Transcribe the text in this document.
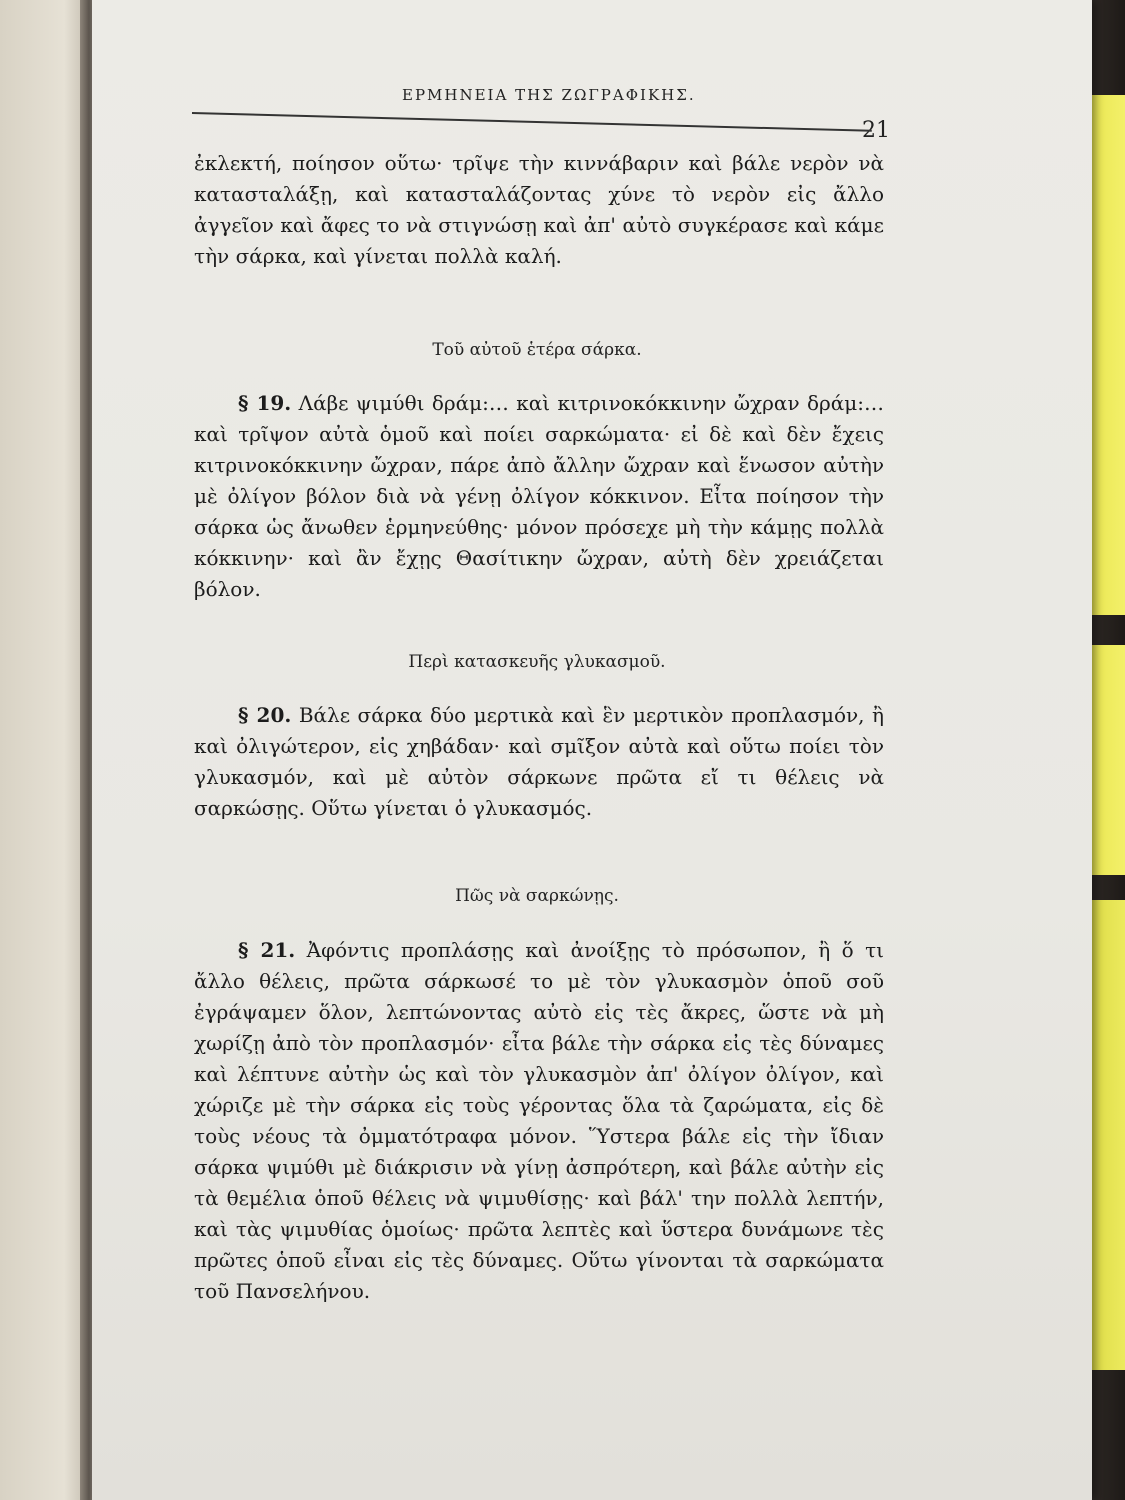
ΕΡΜΗΝΕΙΑ ΤΗΣ ΖΩΓΡΑΦΙΚΗΣ.
21
ἐκλεκτή, ποίησον οὕτω· τρῖψε τὴν κιννάβαριν καὶ βάλε νερὸν νὰ κατασταλάξῃ, καὶ κατασταλάζοντας χύνε τὸ νερὸν εἰς ἄλλο ἀγγεῖον καὶ ἄφες το νὰ στιγνώσῃ καὶ ἀπ' αὐτὸ συγκέρασε καὶ κάμε τὴν σάρκα, καὶ γίνεται πολλὰ καλή.
Τοῦ αὐτοῦ ἑτέρα σάρκα.
§ 19. Λάβε ψιμύθι δράμ:… καὶ κιτρινοκόκκινην ὤχραν δράμ:… καὶ τρῖψον αὐτὰ ὁμοῦ καὶ ποίει σαρκώματα· εἰ δὲ καὶ δὲν ἔχεις κιτρινοκόκκινην ὤχραν, πάρε ἀπὸ ἄλλην ὤχραν καὶ ἕνωσον αὐτὴν μὲ ὀλίγον βόλον διὰ νὰ γένῃ ὀλίγον κόκκινον. Εἶτα ποίησον τὴν σάρκα ὡς ἄνωθεν ἑρμηνεύθης· μόνον πρόσεχε μὴ τὴν κάμῃς πολλὰ κόκκινην· καὶ ἂν ἔχῃς Θασίτικην ὤχραν, αὐτὴ δὲν χρειάζεται βόλον.
Περὶ κατασκευῆς γλυκασμοῦ.
§ 20. Βάλε σάρκα δύο μερτικὰ καὶ ἓν μερτικὸν προπλασμόν, ἢ καὶ ὀλιγώτερον, εἰς χηβάδαν· καὶ σμῖξον αὐτὰ καὶ οὕτω ποίει τὸν γλυκασμόν, καὶ μὲ αὐτὸν σάρκωνε πρῶτα εἴ τι θέλεις νὰ σαρκώσῃς. Οὕτω γίνεται ὁ γλυκασμός.
Πῶς νὰ σαρκώνῃς.
§ 21. Ἀφόντις προπλάσῃς καὶ ἀνοίξῃς τὸ πρόσωπον, ἢ ὅ τι ἄλλο θέλεις, πρῶτα σάρκωσέ το μὲ τὸν γλυκασμὸν ὁποῦ σοῦ ἐγράψαμεν ὅλον, λεπτώνοντας αὐτὸ εἰς τὲς ἄκρες, ὥστε νὰ μὴ χωρίζῃ ἀπὸ τὸν προπλασμόν· εἶτα βάλε τὴν σάρκα εἰς τὲς δύναμες καὶ λέπτυνε αὐτὴν ὡς καὶ τὸν γλυκασμὸν ἀπ' ὀλίγον ὀλίγον, καὶ χώριζε μὲ τὴν σάρκα εἰς τοὺς γέροντας ὅλα τὰ ζαρώματα, εἰς δὲ τοὺς νέους τὰ ὀμματότραφα μόνον. Ὕστερα βάλε εἰς τὴν ἴδιαν σάρκα ψιμύθι μὲ διάκρισιν νὰ γίνῃ ἀσπρότερη, καὶ βάλε αὐτὴν εἰς τὰ θεμέλια ὁποῦ θέλεις νὰ ψιμυθίσῃς· καὶ βάλ' την πολλὰ λεπτήν, καὶ τὰς ψιμυθίας ὁμοίως· πρῶτα λεπτὲς καὶ ὕστερα δυνάμωνε τὲς πρῶτες ὁποῦ εἶναι εἰς τὲς δύναμες. Οὕτω γίνονται τὰ σαρκώματα τοῦ Πανσελήνου.
